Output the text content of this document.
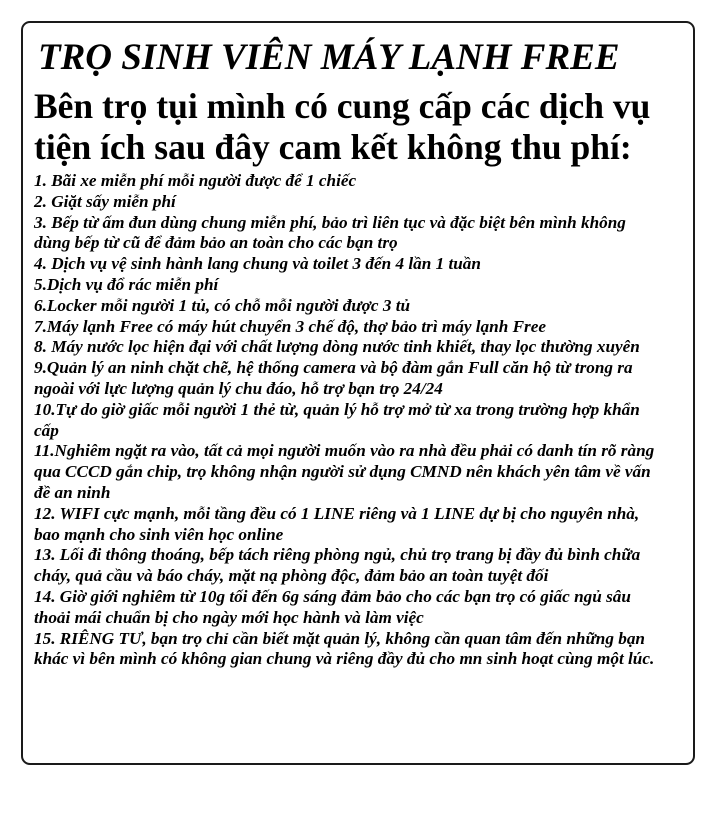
TRỌ SINH VIÊN MÁY LẠNH FREE
Bên trọ tụi mình có cung cấp các dịch vụ
tiện ích sau đây cam kết không thu phí:
1. Bãi xe miễn phí mỗi người được để 1 chiếc
2. Giặt sấy miễn phí
3. Bếp từ ấm đun dùng chung miễn phí, bảo trì liên tục và đặc biệt bên mình không dùng bếp từ cũ để đảm bảo an toàn cho các bạn trọ
4. Dịch vụ vệ sinh hành lang chung và toilet 3 đến 4 lần 1 tuần
5.Dịch vụ đổ rác miễn phí
6.Locker mỗi người 1 tủ, có chỗ mỗi người được 3 tủ
7.Máy lạnh Free có máy hút chuyển 3 chế độ, thợ bảo trì máy lạnh Free
8. Máy nước lọc hiện đại với chất lượng dòng nước tinh khiết, thay lọc thường xuyên
9.Quản lý an ninh chặt chẽ, hệ thống camera và bộ đàm gắn Full căn hộ từ trong ra ngoài với lực lượng quản lý chu đáo, hỗ trợ bạn trọ 24/24
10.Tự do giờ giấc mỗi người 1 thẻ từ, quản lý hỗ trợ mở từ xa trong trường hợp khẩn cấp
11.Nghiêm ngặt ra vào, tất cả mọi người muốn vào ra nhà đều phải có danh tín rõ ràng qua CCCD gắn chip, trọ không nhận người sử dụng CMND nên khách yên tâm về vấn đề an ninh
12. WIFI cực mạnh, mỗi tầng đều có 1 LINE riêng và 1 LINE dự bị cho nguyên nhà, bao mạnh cho sinh viên học online
13. Lối đi thông thoáng, bếp tách riêng phòng ngủ, chủ trọ trang bị đầy đủ bình chữa cháy, quả cầu và báo cháy, mặt nạ phòng độc, đảm bảo an toàn tuyệt đối
14. Giờ giới nghiêm từ 10g tối đến 6g sáng đảm bảo cho các bạn trọ có giấc ngủ sâu thoải mái chuẩn bị cho ngày mới học hành và làm việc
15. RIÊNG TƯ, bạn trọ chỉ cần biết mặt quản lý, không cần quan tâm đến những bạn khác vì bên mình có không gian chung và riêng đầy đủ cho mn sinh hoạt cùng một lúc.
